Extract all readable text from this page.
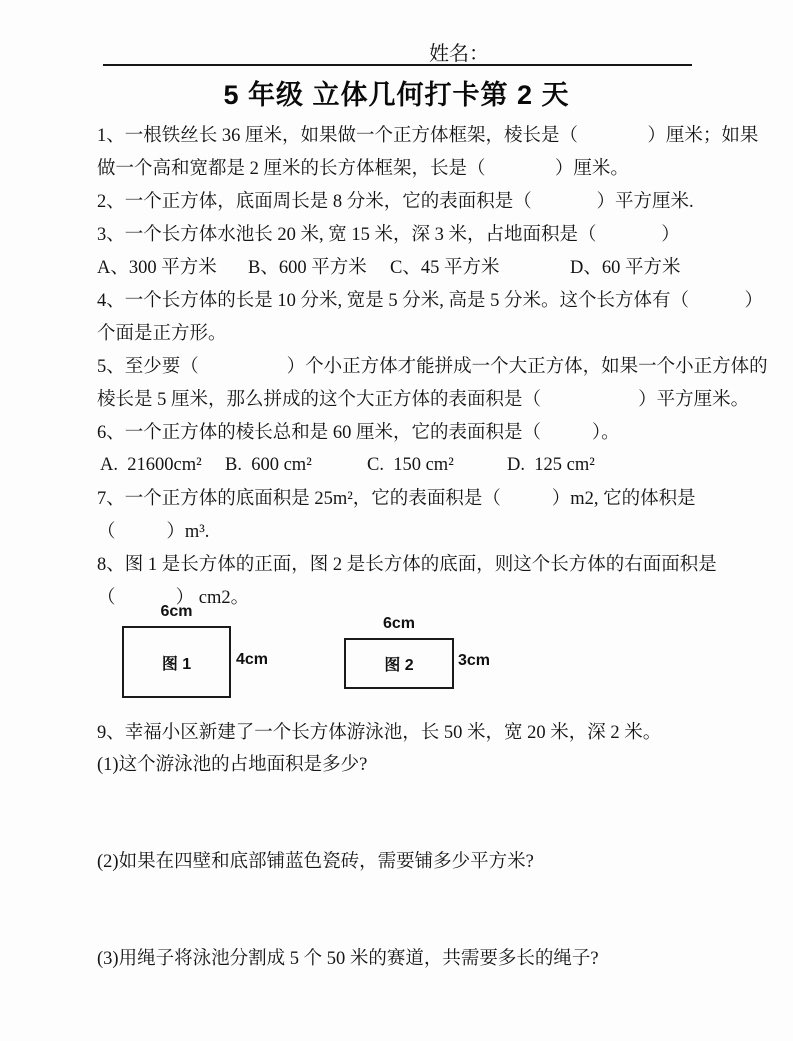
姓名：
5 年级 立体几何打卡第 2 天
1、一根铁丝长 36 厘米，如果做一个正方体框架，棱长是（               ）厘米；如果
做一个高和宽都是 2 厘米的长方体框架，长是（               ）厘米。
2、一个正方体，底面周长是 8 分米，它的表面积是（              ）平方厘米.
3、一个长方体水池长 20 米, 宽 15 米，深 3 米，占地面积是（              ）

A、300 平方米

B、600 平方米

C、45 平方米

	D、60 平方米

4、一个长方体的长是 10 分米, 宽是 5 分米, 高是 5 分米。这个长方体有（            ）
个面是正方形。
5、至少要（                   ）个小正方体才能拼成一个大正方体，如果一个小正方体的
棱长是 5 厘米，那么拼成的这个大正方体的表面积是（                     ）平方厘米。
6、一个正方体的棱长总和是 60 厘米，它的表面积是（           ）。

A.  21600cm²

B.  600 cm²

	C.  150 cm²

	D.  125 cm²

7、一个正方体的底面积是 25m²，它的表面积是（           ）m2, 它的体积是
（           ）m³.
8、图 1 是长方体的正面，图 2 是长方体的底面，则这个长方体的右面面积是
（             ） cm2。
6cm
图 1	4cm
6cm
图 2	3cm
9、幸福小区新建了一个长方体游泳池，长 50 米，宽 20 米，深 2 米。
(1)这个游泳池的占地面积是多少?
(2)如果在四壁和底部铺蓝色瓷砖，需要铺多少平方米?
(3)用绳子将泳池分割成 5 个 50 米的赛道，共需要多长的绳子?
